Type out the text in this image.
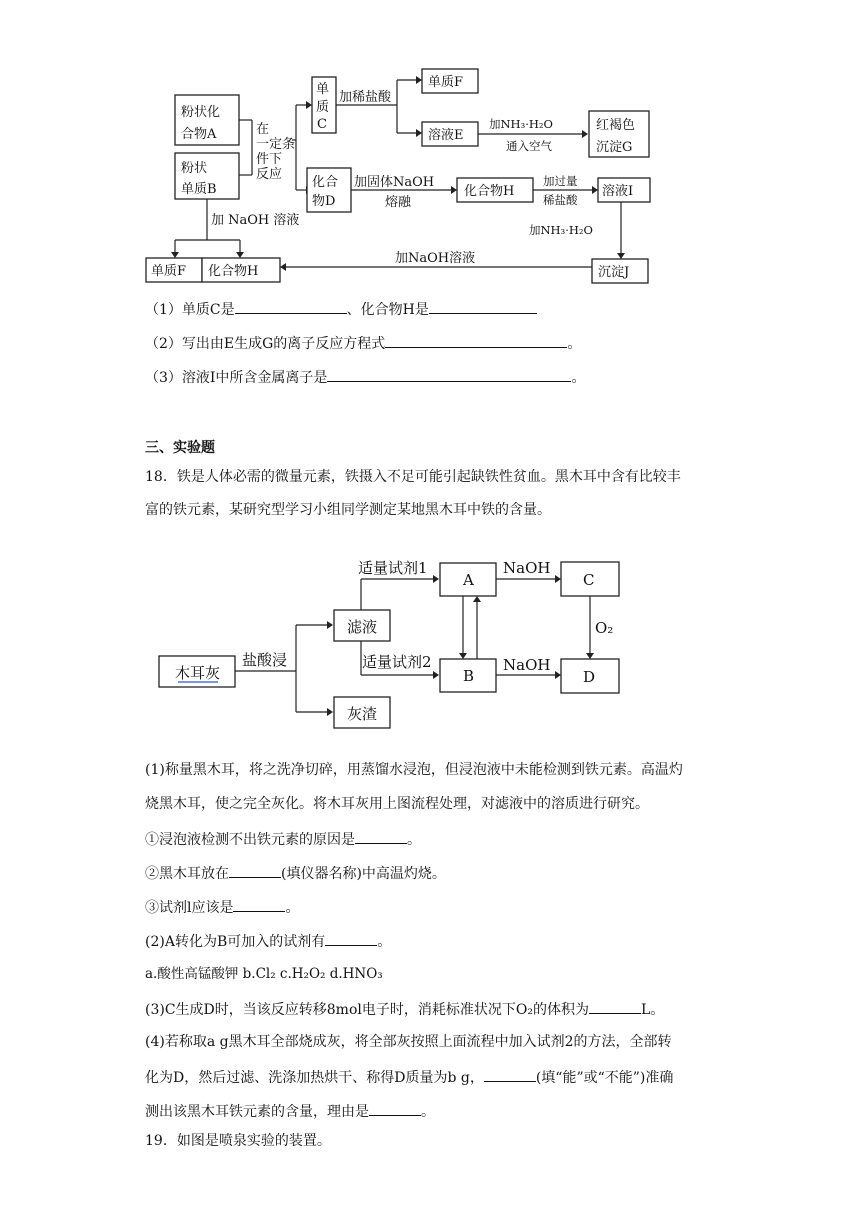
粉状化
合物A
粉状
单质B
在
一定条
件下
反应
单
质
C
化合
物D
加稀盐酸
单质F
溶液E
加NH₃·H₂O
通入空气
红褐色
沉淀G
加固体NaOH
熔融
化合物H
加过量
稀盐酸
溶液I
加NH₃·H₂O
沉淀J
加NaOH溶液
加 NaOH 溶液
单质F 化合物H
（1）单质C是	、化合物H是
（2）写出由E生成G的离子反应方程式	。
（3）溶液I中所含金属离子是	。
三、实验题
18．铁是人体必需的微量元素，铁摄入不足可能引起缺铁性贫血。黑木耳中含有比较丰
富的铁元素，某研究型学习小组同学测定某地黑木耳中铁的含量。
木耳灰
盐酸浸
滤液
灰渣
适量试剂1
适量试剂2
A
B
NaOH
NaOH
C
D
O₂
(1)称量黑木耳，将之洗净切碎，用蒸馏水浸泡，但浸泡液中未能检测到铁元素。高温灼
烧黑木耳，使之完全灰化。将木耳灰用上图流程处理，对滤液中的溶质进行研究。
①浸泡液检测不出铁元素的原因是	。
②黑木耳放在	(填仪器名称)中高温灼烧。
③试剂l应该是	。
(2)A转化为B可加入的试剂有	。
a.酸性高锰酸钾 b.Cl₂ c.H₂O₂ d.HNO₃
(3)C生成D时，当该反应转移8mol电子时，消耗标准状况下O₂的体积为	L。
(4)若称取a g黑木耳全部烧成灰，将全部灰按照上面流程中加入试剂2的方法，全部转
化为D，然后过滤、洗涤加热烘干、称得D质量为b g，	(填“能”或“不能”)准确
测出该黑木耳铁元素的含量，理由是	。
19．如图是喷泉实验的装置。
